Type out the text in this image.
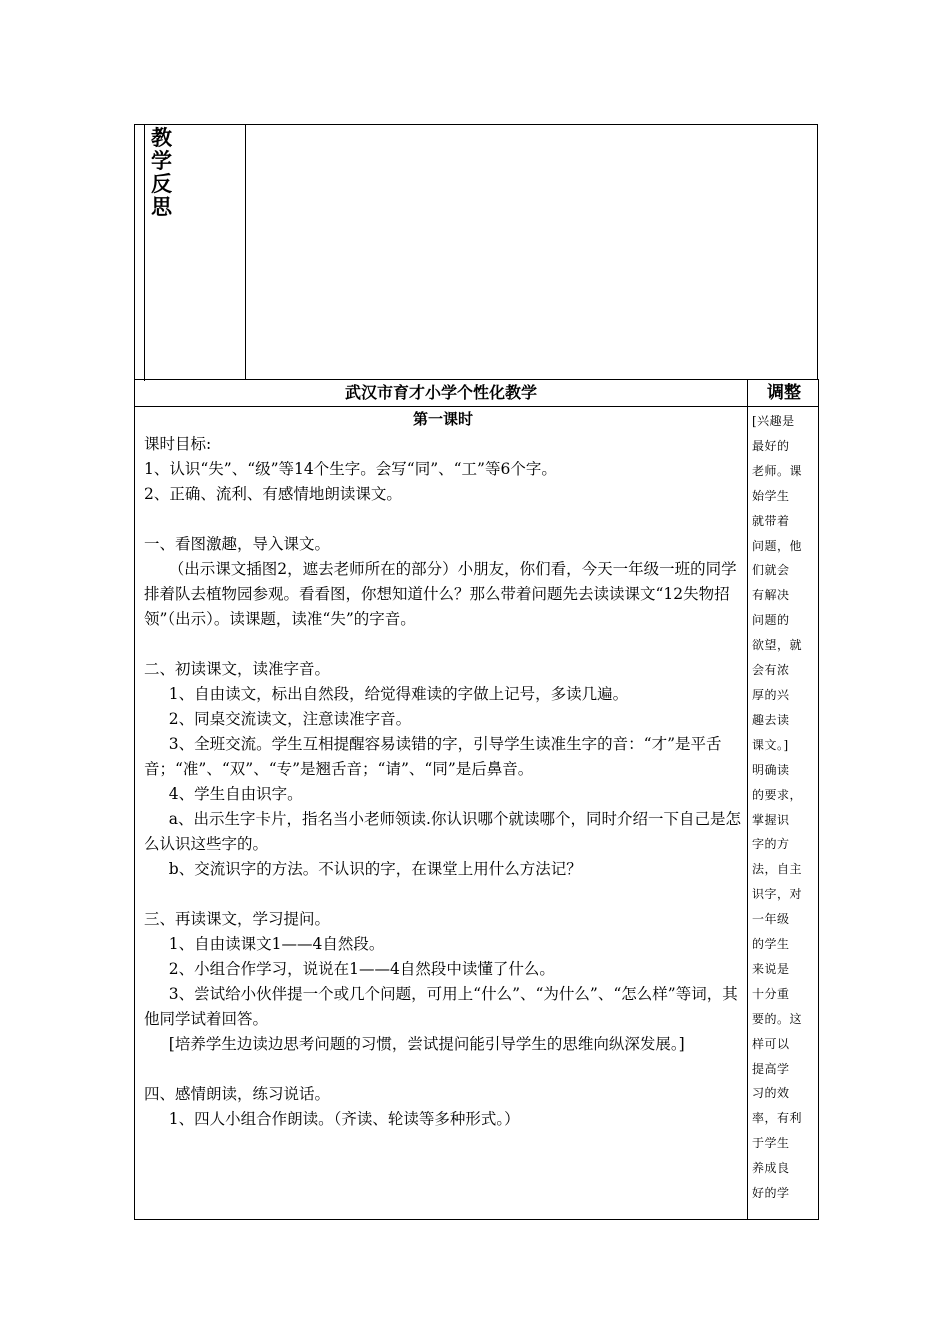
教
学
反
思
武汉市育才小学个性化教学	调整

第一课时

课时目标:

1、认识“失”、“级”等14个生字。会写“同”、“工”等6个字。

2、正确、流利、有感情地朗读课文。

一、看图激趣，导入课文。

（出示课文插图2，遮去老师所在的部分）小朋友，你们看，今天一年级一班的同学排着队去植物园参观。看看图，你想知道什么？那么带着问题先去读读课文“12失物招领”（出示）。读课题，读准“失”的字音。

二、初读课文，读准字音。

1、自由读文，标出自然段，给觉得难读的字做上记号，多读几遍。

2、同桌交流读文，注意读准字音。

3、全班交流。学生互相提醒容易读错的字，引导学生读准生字的音：“才”是平舌音；“准”、“双”、“专”是翘舌音；“请”、“同”是后鼻音。

4、学生自由识字。

a、出示生字卡片，指名当小老师领读.你认识哪个就读哪个，同时介绍一下自己是怎么认识这些字的。

b、交流识字的方法。不认识的字，在课堂上用什么方法记？

三、再读课文，学习提问。

1、自由读课文1——4自然段。

2、小组合作学习，说说在1——4自然段中读懂了什么。

3、尝试给小伙伴提一个或几个问题，可用上“什么”、“为什么”、“怎么样”等词，其他同学试着回答。

[培养学生边读边思考问题的习惯，尝试提问能引导学生的思维向纵深发展。]

四、感情朗读，练习说话。

1、四人小组合作朗读。（齐读、轮读等多种形式。）

[兴趣是
最好的
老师。课
始学生
就带着
问题，他
们就会
有解决
问题的
欲望，就
会有浓
厚的兴
趣去读
课文。]
明确读
的要求，
掌握识
字的方
法，自主
识字，对
一年级
的学生
来说是
十分重
要的。这
样可以
提高学
习的效
率，有利
于学生
养成良
好的学
